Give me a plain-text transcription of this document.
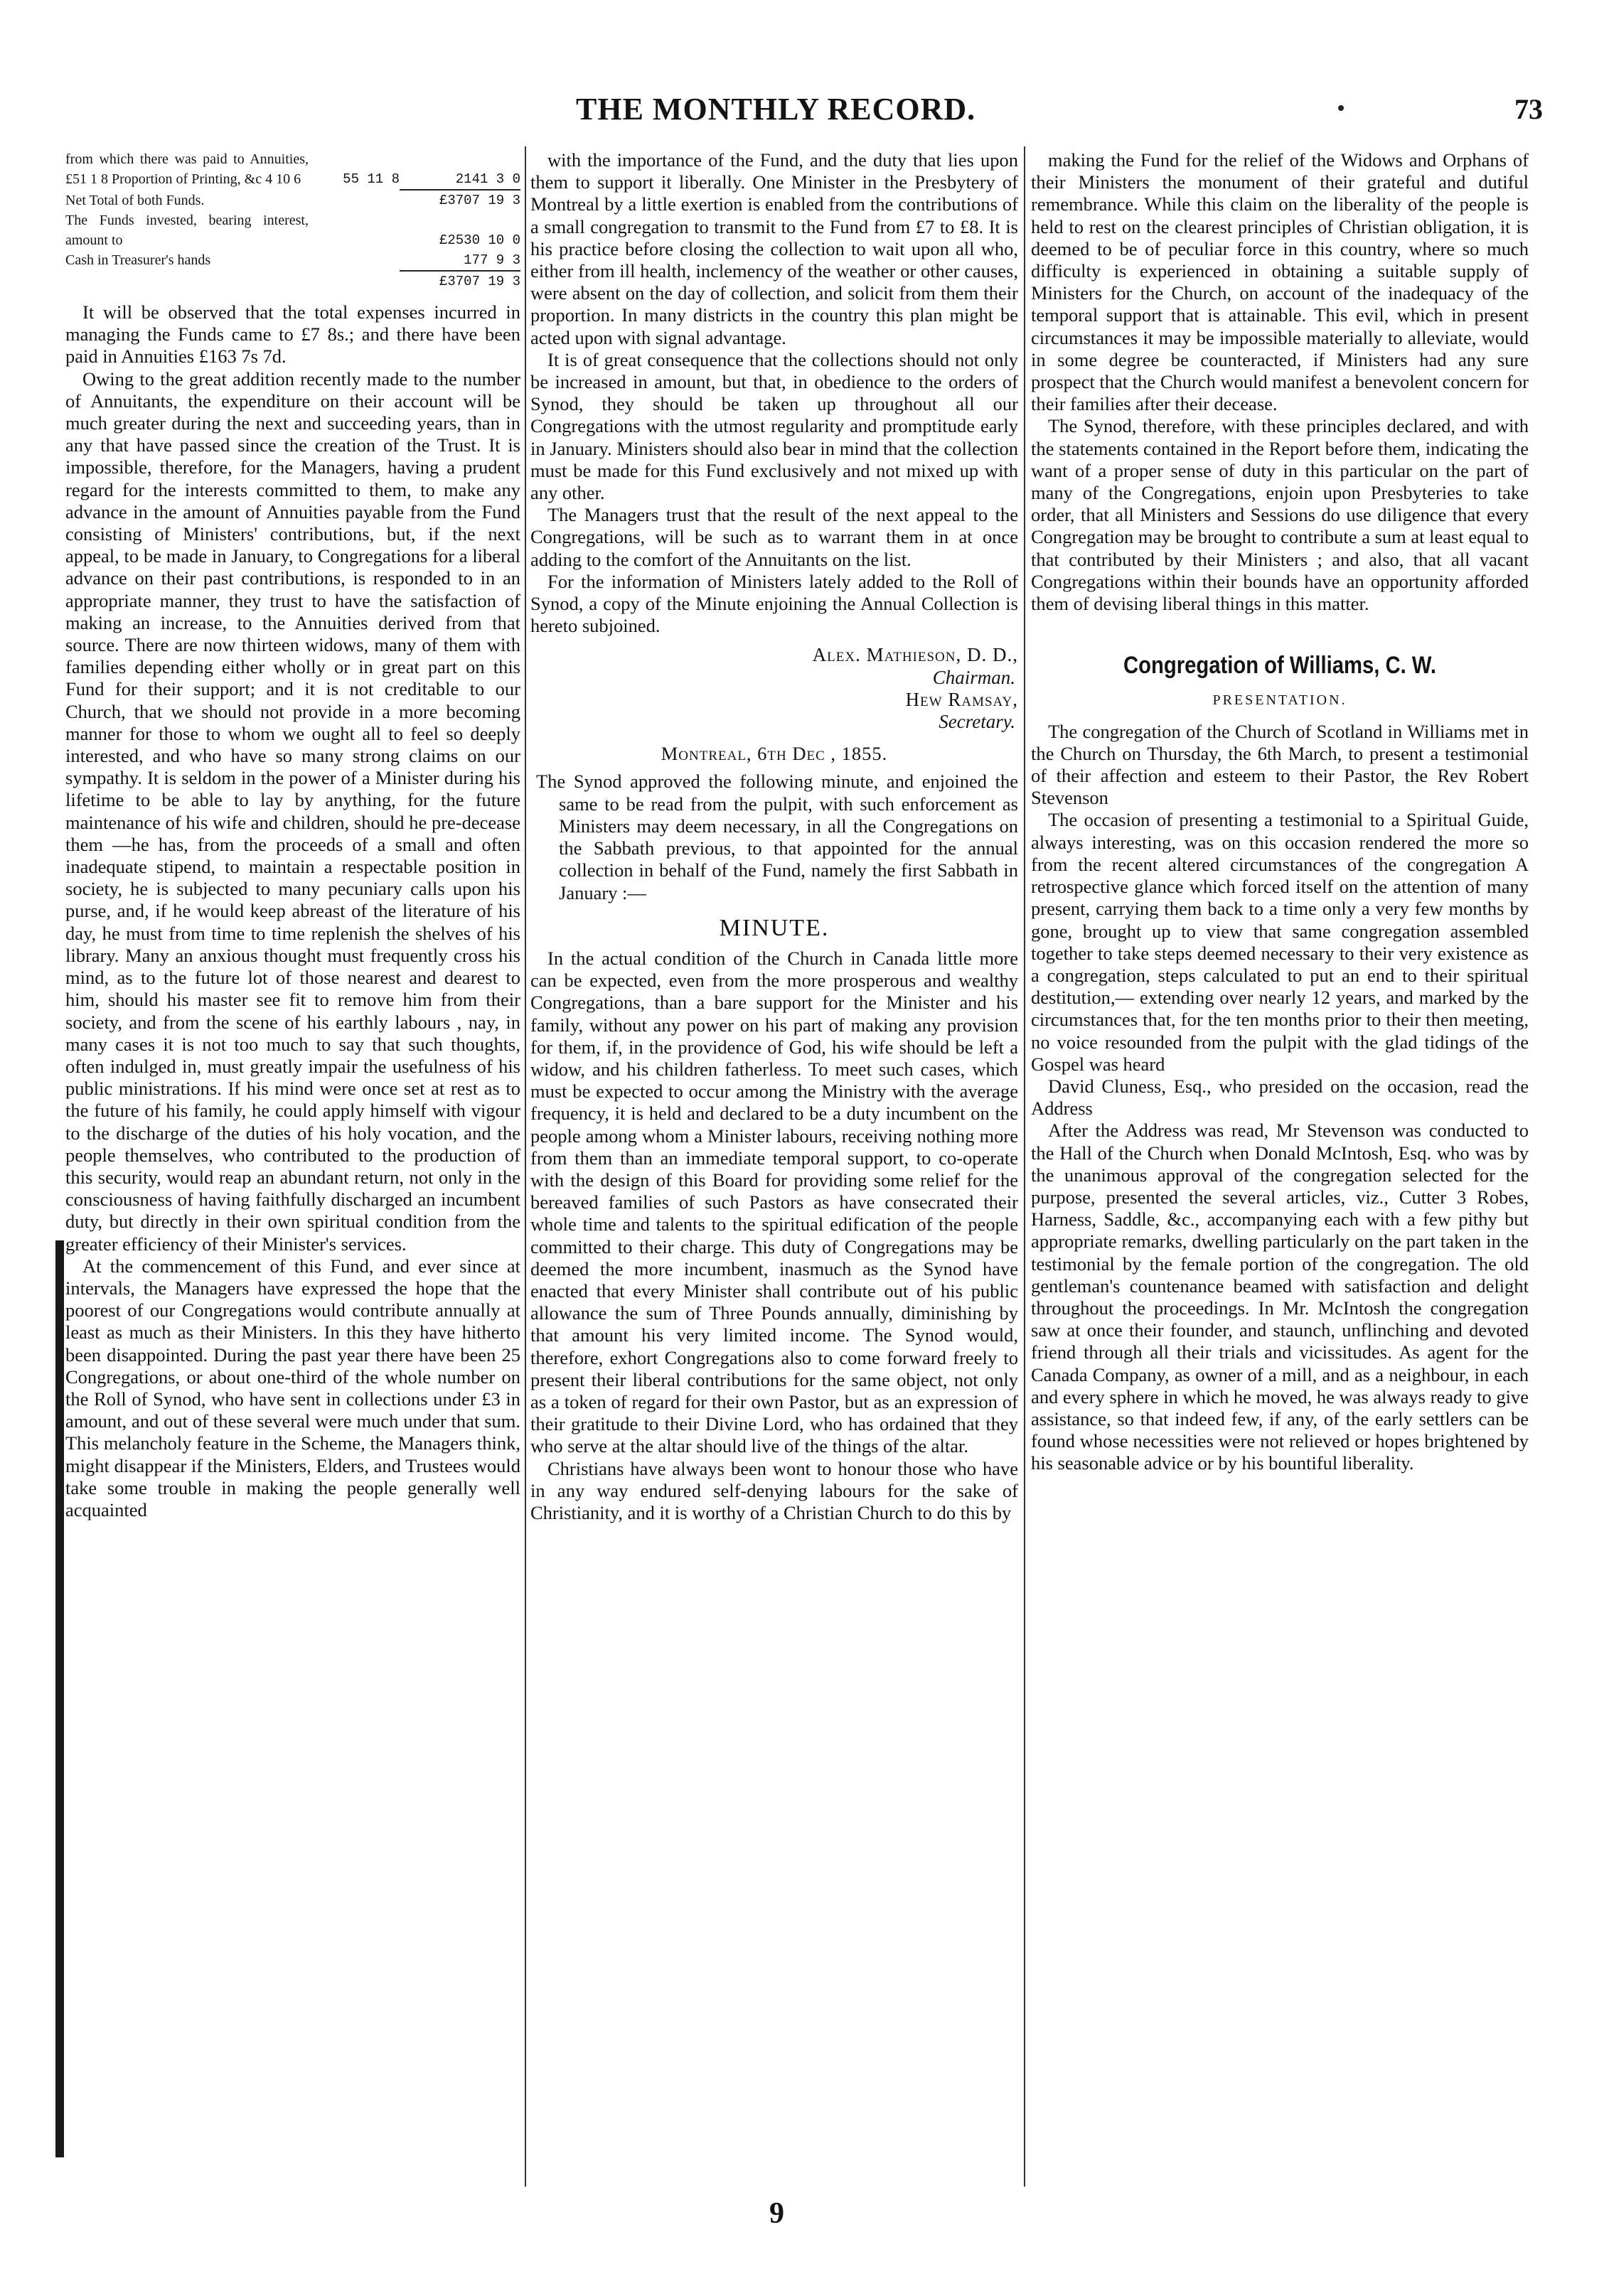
THE MONTHLY RECORD.	73
from which there was paid to Annuities, £51 1 8 Proportion of Printing, &c 4 10 6	55 11 8	2141 3 0
Net Total of both Funds.	£3707 19 3
The Funds invested, bearing interest, amount to	£2530 10 0
Cash in Treasurer's hands	177 9 3
£3707 19 3

It will be observed that the total expenses incurred in managing the Funds came to £7 8s.; and there have been paid in Annuities £163 7s 7d.

Owing to the great addition recently made to the number of Annuitants, the expenditure on their account will be much greater during the next and succeeding years, than in any that have passed since the creation of the Trust. It is impossible, therefore, for the Managers, having a prudent regard for the interests committed to them, to make any advance in the amount of Annuities payable from the Fund consisting of Ministers' contributions, but, if the next appeal, to be made in January, to Congregations for a liberal advance on their past contributions, is responded to in an appropriate manner, they trust to have the satisfaction of making an increase, to the Annuities derived from that source. There are now thirteen widows, many of them with families depending either wholly or in great part on this Fund for their support; and it is not creditable to our Church, that we should not provide in a more becoming manner for those to whom we ought all to feel so deeply interested, and who have so many strong claims on our sympathy. It is seldom in the power of a Minister during his lifetime to be able to lay by anything, for the future maintenance of his wife and children, should he pre-decease them —he has, from the proceeds of a small and often inadequate stipend, to maintain a respectable position in society, he is subjected to many pecuniary calls upon his purse, and, if he would keep abreast of the literature of his day, he must from time to time replenish the shelves of his library. Many an anxious thought must frequently cross his mind, as to the future lot of those nearest and dearest to him, should his master see fit to remove him from their society, and from the scene of his earthly labours , nay, in many cases it is not too much to say that such thoughts, often indulged in, must greatly impair the usefulness of his public ministrations. If his mind were once set at rest as to the future of his family, he could apply himself with vigour to the discharge of the duties of his holy vocation, and the people themselves, who contributed to the production of this security, would reap an abundant return, not only in the consciousness of having faithfully discharged an incumbent duty, but directly in their own spiritual condition from the greater efficiency of their Minister's services.

At the commencement of this Fund, and ever since at intervals, the Managers have expressed the hope that the poorest of our Congregations would contribute annually at least as much as their Ministers. In this they have hitherto been disappointed. During the past year there have been 25 Congregations, or about one-third of the whole number on the Roll of Synod, who have sent in collections under £3 in amount, and out of these several were much under that sum. This melancholy feature in the Scheme, the Managers think, might disappear if the Ministers, Elders, and Trustees would take some trouble in making the people generally well acquainted

with the importance of the Fund, and the duty that lies upon them to support it liberally. One Minister in the Presbytery of Montreal by a little exertion is enabled from the contributions of a small congregation to transmit to the Fund from £7 to £8. It is his practice before closing the collection to wait upon all who, either from ill health, inclemency of the weather or other causes, were absent on the day of collection, and solicit from them their proportion. In many districts in the country this plan might be acted upon with signal advantage.

It is of great consequence that the collections should not only be increased in amount, but that, in obedience to the orders of Synod, they should be taken up throughout all our Congregations with the utmost regularity and promptitude early in January. Ministers should also bear in mind that the collection must be made for this Fund exclusively and not mixed up with any other.

The Managers trust that the result of the next appeal to the Congregations, will be such as to warrant them in at once adding to the comfort of the Annuitants on the list.

For the information of Ministers lately added to the Roll of Synod, a copy of the Minute enjoining the Annual Collection is hereto subjoined.

Alex. Mathieson, D. D.,
Chairman.
Hew Ramsay,
Secretary.
Montreal, 6th Dec , 1855.

The Synod approved the following minute, and enjoined the same to be read from the pulpit, with such enforcement as Ministers may deem necessary, in all the Congregations on the Sabbath previous, to that appointed for the annual collection in behalf of the Fund, namely the first Sabbath in January :—

MINUTE.

In the actual condition of the Church in Canada little more can be expected, even from the more prosperous and wealthy Congregations, than a bare support for the Minister and his family, without any power on his part of making any provision for them, if, in the providence of God, his wife should be left a widow, and his children fatherless. To meet such cases, which must be expected to occur among the Ministry with the average frequency, it is held and declared to be a duty incumbent on the people among whom a Minister labours, receiving nothing more from them than an immediate temporal support, to co-operate with the design of this Board for providing some relief for the bereaved families of such Pastors as have consecrated their whole time and talents to the spiritual edification of the people committed to their charge. This duty of Congregations may be deemed the more incumbent, inasmuch as the Synod have enacted that every Minister shall contribute out of his public allowance the sum of Three Pounds annually, diminishing by that amount his very limited income. The Synod would, therefore, exhort Congregations also to come forward freely to present their liberal contributions for the same object, not only as a token of regard for their own Pastor, but as an expression of their gratitude to their Divine Lord, who has ordained that they who serve at the altar should live of the things of the altar.

Christians have always been wont to honour those who have in any way endured self-denying labours for the sake of Christianity, and it is worthy of a Christian Church to do this by

making the Fund for the relief of the Widows and Orphans of their Ministers the monument of their grateful and dutiful remembrance. While this claim on the liberality of the people is held to rest on the clearest principles of Christian obligation, it is deemed to be of peculiar force in this country, where so much difficulty is experienced in obtaining a suitable supply of Ministers for the Church, on account of the inadequacy of the temporal support that is attainable. This evil, which in present circumstances it may be impossible materially to alleviate, would in some degree be counteracted, if Ministers had any sure prospect that the Church would manifest a benevolent concern for their families after their decease.

The Synod, therefore, with these principles declared, and with the statements contained in the Report before them, indicating the want of a proper sense of duty in this particular on the part of many of the Congregations, enjoin upon Presbyteries to take order, that all Ministers and Sessions do use diligence that every Congregation may be brought to contribute a sum at least equal to that contributed by their Ministers ; and also, that all vacant Congregations within their bounds have an opportunity afforded them of devising liberal things in this matter.

Congregation of Williams, C. W.
PRESENTATION.

The congregation of the Church of Scotland in Williams met in the Church on Thursday, the 6th March, to present a testimonial of their affection and esteem to their Pastor, the Rev Robert Stevenson

The occasion of presenting a testimonial to a Spiritual Guide, always interesting, was on this occasion rendered the more so from the recent altered circumstances of the congregation A retrospective glance which forced itself on the attention of many present, carrying them back to a time only a very few months by gone, brought up to view that same congregation assembled together to take steps deemed necessary to their very existence as a congregation, steps calculated to put an end to their spiritual destitution,— extending over nearly 12 years, and marked by the circumstances that, for the ten months prior to their then meeting, no voice resounded from the pulpit with the glad tidings of the Gospel was heard

David Cluness, Esq., who presided on the occasion, read the Address

After the Address was read, Mr Stevenson was conducted to the Hall of the Church when Donald McIntosh, Esq. who was by the unanimous approval of the congregation selected for the purpose, presented the several articles, viz., Cutter 3 Robes, Harness, Saddle, &c., accompanying each with a few pithy but appropriate remarks, dwelling particularly on the part taken in the testimonial by the female portion of the congregation. The old gentleman's countenance beamed with satisfaction and delight throughout the proceedings. In Mr. McIntosh the congregation saw at once their founder, and staunch, unflinching and devoted friend through all their trials and vicissitudes. As agent for the Canada Company, as owner of a mill, and as a neighbour, in each and every sphere in which he moved, he was always ready to give assistance, so that indeed few, if any, of the early settlers can be found whose necessities were not relieved or hopes brightened by his seasonable advice or by his bountiful liberality.

9
